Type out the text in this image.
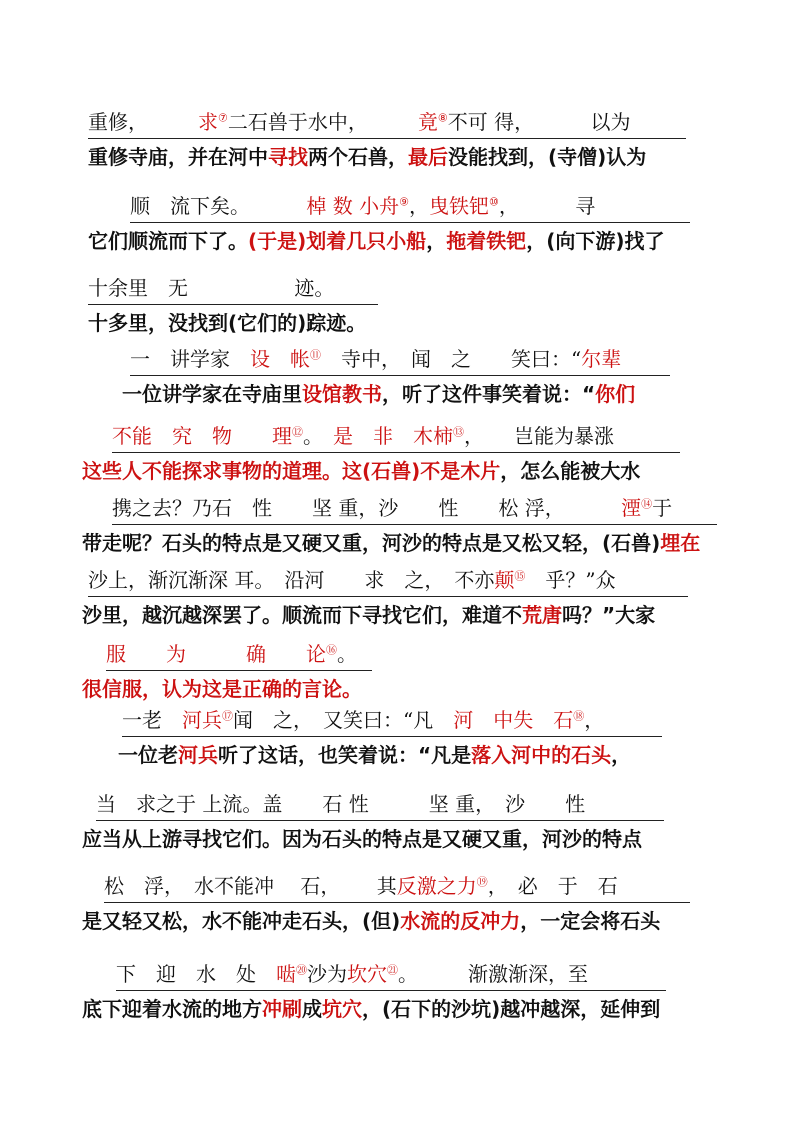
重修，　　　	求⑦二石兽于水中，　　　	竟⑧不可 得，　　　	以为
重修寺庙，并在河中寻找两个石兽，最后没能找到，(寺僧)认为
顺　流下矣。　　　	棹 数 小舟⑨，曳铁钯⑩，　　　	寻
它们顺流而下了。(于是)划着几只小船，拖着铁钯，(向下游)找了
十余里　无　　　　　	迹。
十多里，没找到(它们的)踪迹。
一　讲学家　设　帐⑪　寺中，　闻　之　　笑曰：“尔辈
一位讲学家在寺庙里设馆教书，听了这件事笑着说：“你们
不能　究　物　　 理⑫。　是　非　木柿⑬，　　岂能为暴涨
这些人不能探求事物的道理。这(石兽)不是木片，怎么能被大水
携之去？乃石　性　　坚 重，沙　　性　　松 浮，　　　	湮⑭于
带走呢？石头的特点是又硬又重，河沙的特点是又松又轻，(石兽)埋在
沙上，渐沉渐深 耳。　沿河　　求　之，　不亦颠⑮　乎？”众
沙里，越沉越深罢了。顺流而下寻找它们，难道不荒唐吗？”大家
服　　为　　　确　　论⑯。
很信服，认为这是正确的言论。
一老　河兵⑰闻　之，　又笑曰：“凡　河　中失　石⑱，
一位老河兵听了这话，也笑着说：“凡是落入河中的石头，
当　求之于 上流。盖　　石 性　　　坚 重，　沙　　性
应当从上游寻找它们。因为石头的特点是又硬又重，河沙的特点
松　浮，　水不能冲　 石，　　 其反激之力⑲，　必　于　石
是又轻又松，水不能冲走石头，(但)水流的反冲力，一定会将石头
下　迎　水　处　啮⑳沙为坎穴$^㉑$。　　　渐激渐深，至
底下迎着水流的地方冲刷成坑穴，(石下的沙坑)越冲越深，延伸到
